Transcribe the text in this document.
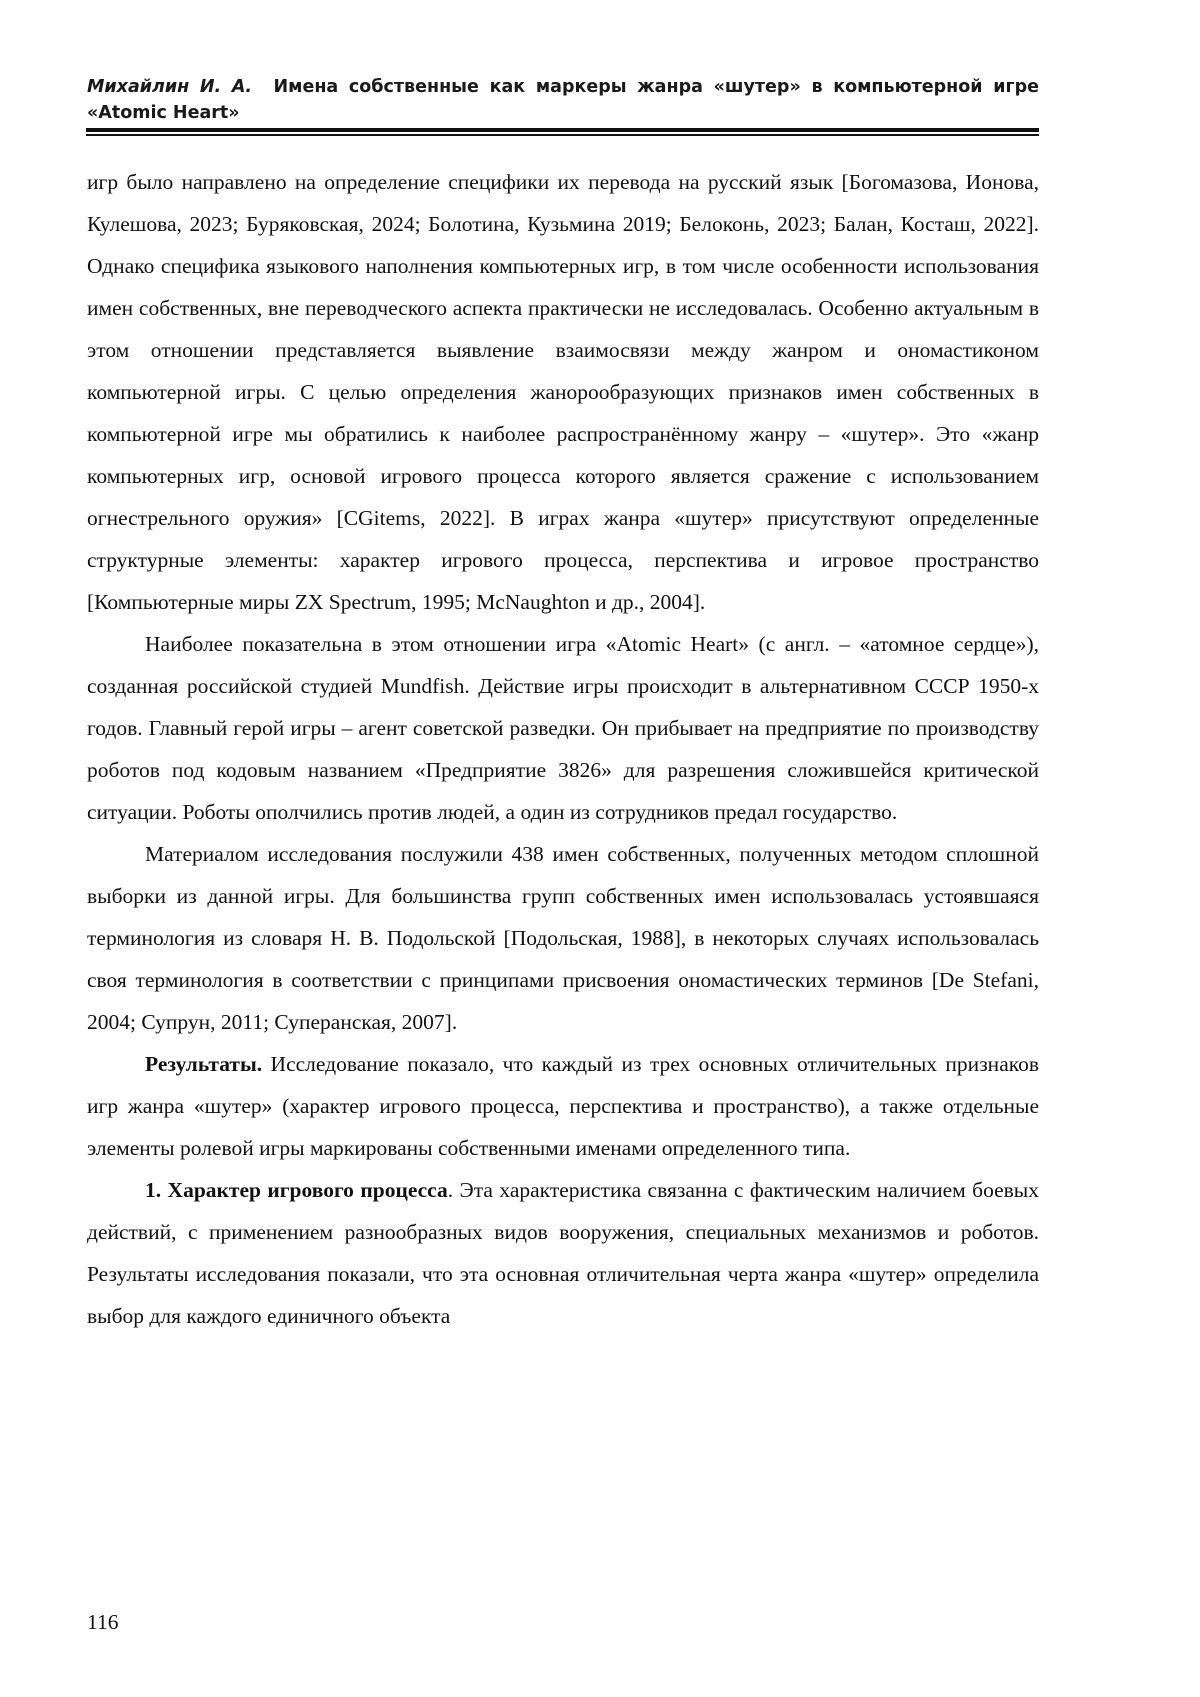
Михайлин И. А. Имена собственные как маркеры жанра «шутер» в компьютерной игре «Atomic Heart»

игр было направлено на определение специфики их перевода на русский язык [Богомазова, Ионова, Кулешова, 2023; Буряковская, 2024; Болотина, Кузьмина 2019; Белоконь, 2023; Балан, Косташ, 2022]. Однако специфика языкового наполнения компьютерных игр, в том числе особенности использования имен собственных, вне переводческого аспекта практически не исследовалась. Особенно актуальным в этом отношении представляется выявление взаимосвязи между жанром и ономастиконом компьютерной игры. С целью определения жанорообразующих признаков имен собственных в компьютерной игре мы обратились к наиболее распространённому жанру – «шутер». Это «жанр компьютерных игр, основой игрового процесса которого является сражение с использованием огнестрельного оружия» [CGitems, 2022]. В играх жанра «шутер» присутствуют определенные структурные элементы: характер игрового процесса, перспектива и игровое пространство [Компьютерные миры ZX Spectrum, 1995; McNaughton и др., 2004].

Наиболее показательна в этом отношении игра «Atomic Heart» (с англ. – «атомное сердце»), созданная российской студией Mundfish. Действие игры происходит в альтернативном СССР 1950-х годов. Главный герой игры – агент советской разведки. Он прибывает на предприятие по производству роботов под кодовым названием «Предприятие 3826» для разрешения сложившейся критической ситуации. Роботы ополчились против людей, а один из сотрудников предал государство.

Материалом исследования послужили 438 имен собственных, полученных методом сплошной выборки из данной игры. Для большинства групп собственных имен использовалась устоявшаяся терминология из словаря Н. В. Подольской [Подольская, 1988], в некоторых случаях использовалась своя терминология в соответствии с принципами присвоения ономастических терминов [De Stefani, 2004; Супрун, 2011; Суперанская, 2007].

Результаты. Исследование показало, что каждый из трех основных отличительных признаков игр жанра «шутер» (характер игрового процесса, перспектива и пространство), а также отдельные элементы ролевой игры маркированы собственными именами определенного типа.

1. Характер игрового процесса. Эта характеристика связанна с фактическим наличием боевых действий, с применением разнообразных видов вооружения, специальных механизмов и роботов. Результаты исследования показали, что эта основная отличительная черта жанра «шутер» определила выбор для каждого единичного объекта

116
